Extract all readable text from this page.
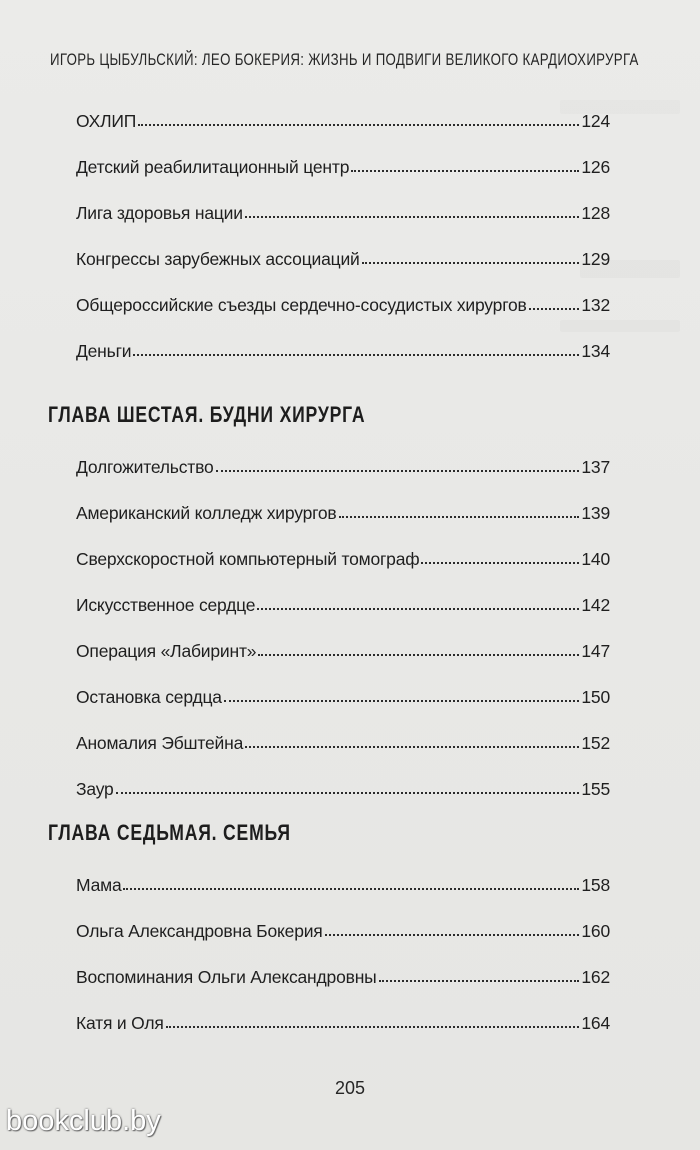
ИГОРЬ ЦЫБУЛЬСКИЙ: ЛЕО БОКЕРИЯ: ЖИЗНЬ И ПОДВИГИ ВЕЛИКОГО КАРДИОХИРУРГА
ОХЛИП	124
Детский реабилитационный центр	126
Лига здоровья нации	128
Конгрессы зарубежных ассоциаций	129
Общероссийские съезды сердечно-сосудистых хирургов	132
Деньги	134
ГЛАВА ШЕСТАЯ. БУДНИ ХИРУРГА
Долгожительство	137
Американский колледж хирургов	139
Сверхскоростной компьютерный томограф	140
Искусственное сердце	142
Операция «Лабиринт»	147
Остановка сердца	150
Аномалия Эбштейна	152
Заур	155
ГЛАВА СЕДЬМАЯ. СЕМЬЯ
Мама	158
Ольга Александровна Бокерия	160
Воспоминания Ольги Александровны	162
Катя и Оля	164
205
bookclub.by
